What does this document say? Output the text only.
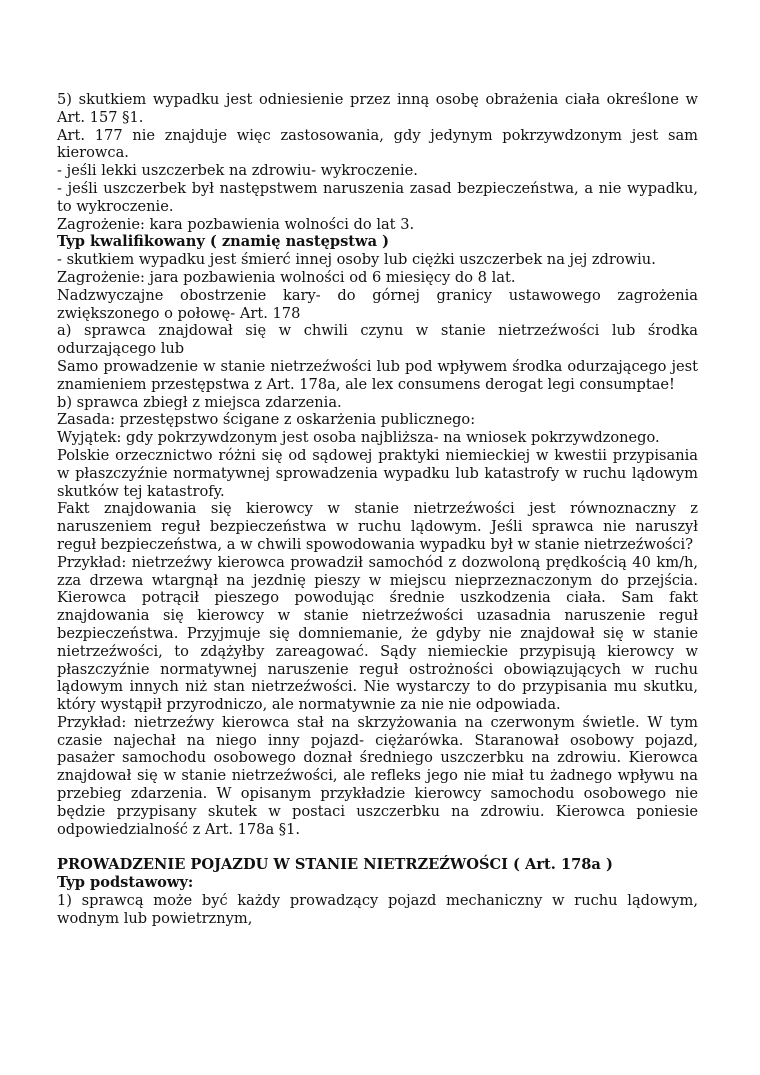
5) skutkiem wypadku jest odniesienie przez inną osobę obrażenia ciała określone w Art. 157 §1.

Art. 177 nie znajduje więc zastosowania, gdy jedynym pokrzywdzonym jest sam kierowca.

- jeśli lekki uszczerbek na zdrowiu- wykroczenie.

- jeśli uszczerbek był następstwem naruszenia zasad bezpieczeństwa, a nie wypadku, to wykroczenie.

Zagrożenie: kara pozbawienia wolności do lat 3.

Typ kwalifikowany ( znamię następstwa )

- skutkiem wypadku jest śmierć innej osoby lub ciężki uszczerbek na jej zdrowiu.

Zagrożenie: jara pozbawienia wolności od 6 miesięcy do 8 lat.

Nadzwyczajne obostrzenie kary- do górnej granicy ustawowego zagrożenia zwiększonego o połowę- Art. 178

a) sprawca znajdował się w chwili czynu w stanie nietrzeźwości lub środka odurzającego lub

Samo prowadzenie w stanie nietrzeźwości lub pod wpływem środka odurzającego jest znamieniem przestępstwa z Art. 178a, ale lex consumens derogat legi consumptae!

b) sprawca zbiegł z miejsca zdarzenia.

Zasada: przestępstwo ścigane z oskarżenia publicznego:

Wyjątek: gdy pokrzywdzonym jest osoba najbliższa- na wniosek pokrzywdzonego.

Polskie orzecznictwo różni się od sądowej praktyki niemieckiej w kwestii przypisania w płaszczyźnie normatywnej sprowadzenia wypadku lub katastrofy w ruchu lądowym skutków tej katastrofy.

Fakt znajdowania się kierowcy w stanie nietrzeźwości jest równoznaczny z naruszeniem reguł bezpieczeństwa w ruchu lądowym. Jeśli sprawca nie naruszył reguł bezpieczeństwa, a w chwili spowodowania wypadku był w stanie nietrzeźwości?

Przykład: nietrzeźwy kierowca prowadził samochód z dozwoloną prędkością 40 km/h, zza drzewa wtargnął na jezdnię pieszy w miejscu nieprzeznaczonym do przejścia. Kierowca potrącił pieszego powodując średnie uszkodzenia ciała. Sam fakt znajdowania się kierowcy w stanie nietrzeźwości uzasadnia naruszenie reguł bezpieczeństwa. Przyjmuje się domniemanie, że gdyby nie znajdował się w stanie nietrzeźwości, to zdążyłby zareagować. Sądy niemieckie przypisują kierowcy w płaszczyźnie normatywnej naruszenie reguł ostrożności obowiązujących w ruchu lądowym innych niż stan nietrzeźwości. Nie wystarczy to do przypisania mu skutku, który wystąpił przyrodniczo, ale normatywnie za nie nie odpowiada.

Przykład: nietrzeźwy kierowca stał na skrzyżowania na czerwonym świetle. W tym czasie najechał na niego inny pojazd- ciężarówka. Staranował osobowy pojazd, pasażer samochodu osobowego doznał średniego uszczerbku na zdrowiu. Kierowca znajdował się w stanie nietrzeźwości, ale refleks jego nie miał tu żadnego wpływu na przebieg zdarzenia. W opisanym przykładzie kierowcy samochodu osobowego nie będzie przypisany skutek w postaci uszczerbku na zdrowiu. Kierowca poniesie odpowiedzialność z Art. 178a §1.

PROWADZENIE POJAZDU W STANIE NIETRZEŹWOŚCI ( Art. 178a )

Typ podstawowy:

1) sprawcą może być każdy prowadzący pojazd mechaniczny w ruchu lądowym, wodnym lub powietrznym,
